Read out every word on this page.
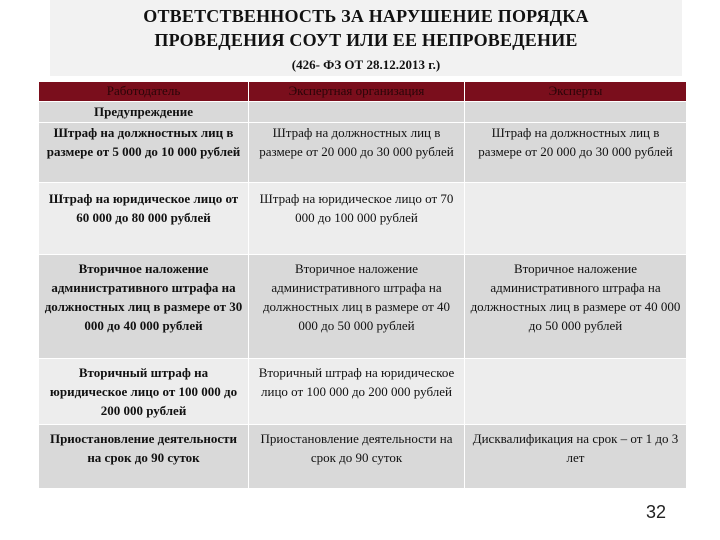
ОТВЕТСТВЕННОСТЬ ЗА НАРУШЕНИЕ ПОРЯДКА
ПРОВЕДЕНИЯ СОУТ ИЛИ ЕЕ НЕПРОВЕДЕНИЕ
(426- ФЗ ОТ 28.12.2013 г.)
Работодатель	Экспертная организация	Эксперты
Предупреждение		
Штраф на должностных лиц в размере от 5 000 до 10 000 рублей	Штраф на должностных лиц в размере от 20 000 до 30 000 рублей	Штраф на должностных лиц в размере от 20 000 до 30 000 рублей
Штраф на юридическое лицо от 60 000 до 80 000 рублей	Штраф на юридическое лицо от 70 000 до 100 000 рублей	
Вторичное наложение административного штрафа на должностных лиц в размере от 30 000 до 40 000 рублей	Вторичное наложение административного штрафа на должностных лиц в размере от 40 000 до 50 000 рублей	Вторичное наложение административного штрафа на должностных лиц в размере от 40 000 до 50 000 рублей
Вторичный штраф на юридическое лицо от 100 000 до 200 000 рублей	Вторичный штраф на юридическое лицо от 100 000 до 200 000 рублей	
Приостановление деятельности на срок до 90 суток	Приостановление деятельности на срок до 90 суток	Дисквалификация на срок – от 1 до 3 лет
32
